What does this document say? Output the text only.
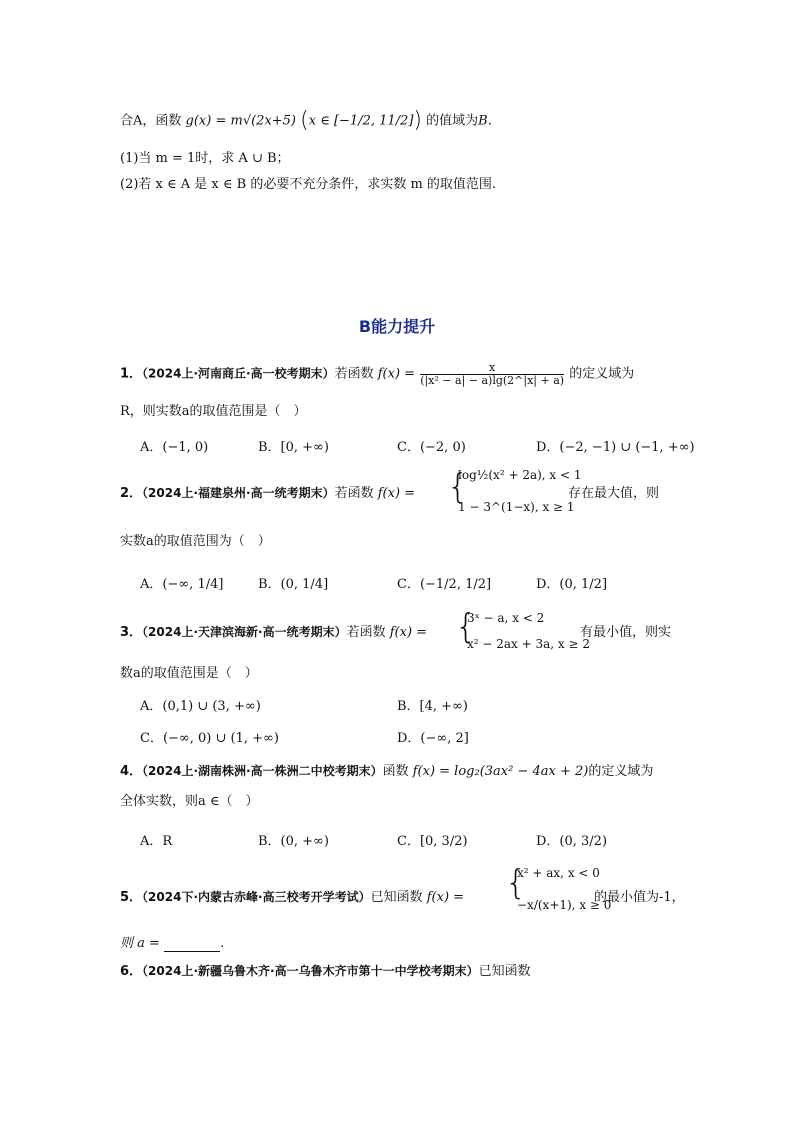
合A，函数 g(x) = m√(2x+5) (x ∈ [−1/2, 11/2]) 的值域为B.
(1)当 m = 1时，求 A ∪ B；
(2)若 x ∈ A 是 x ∈ B 的必要不充分条件，求实数 m 的取值范围.
B能力提升
1．（2024上·河南商丘·高一校考期末）若函数 $f(x) = \frac{x}{\text{(|x² − a| − a)lg(2\textasciicircum{}|x| + a)}}$ 的定义域为
R，则实数a的取值范围是（　）
A．(−1, 0)	B．[0, +∞)	C．(−2, 0)	D．(−2, −1) ∪ (−1, +∞)
2．（2024上·福建泉州·高一统考期末）若函数 f(x) = {
log½(x² + 2a), x < 1
1 − 3^(1−x), x ≥ 1
存在最大值，则
实数a的取值范围为（　）
A．(−∞, 1/4]	B．(0, 1/4]	C．(−1/2, 1/2]	D．(0, 1/2]
3．（2024上·天津滨海新·高一统考期末）若函数 f(x) = {
3ˣ − a, x < 2
x² − 2ax + 3a, x ≥ 2
有最小值，则实
数a的取值范围是（　）
A．(0,1) ∪ (3, +∞)	B．[4, +∞)
C．(−∞, 0) ∪ (1, +∞)	D．(−∞, 2]
4．（2024上·湖南株洲·高一株洲二中校考期末）函数 f(x) = log₂(3ax² − 4ax + 2)的定义域为
全体实数，则a ∈（　）
A．R	B．(0, +∞)	C．[0, 3/2)	D．(0, 3/2)
5．（2024下·内蒙古赤峰·高三校考开学考试）已知函数 f(x) = {
x² + ax, x < 0
−x/(x+1), x ≥ 0
的最小值为-1，
则 a =	.
6．（2024上·新疆乌鲁木齐·高一乌鲁木齐市第十一中学校考期末）已知函数
